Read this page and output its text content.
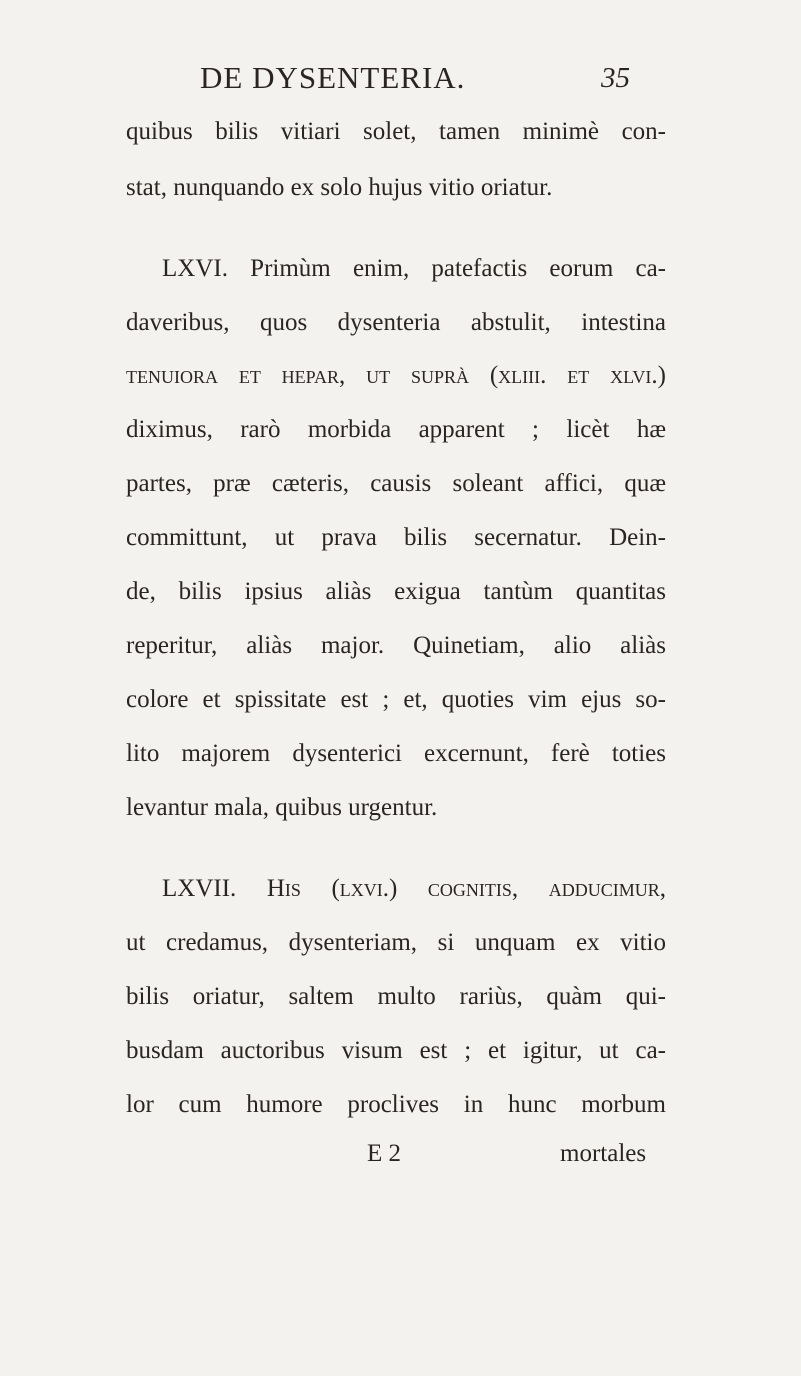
DE DYSENTERIA.	35
quibus bilis vitiari solet, tamen minimè con-
stat, nunquando ex solo hujus vitio oriatur.
LXVI. Primùm enim, patefactis eorum ca-
daveribus, quos dysenteria abstulit, intestina
tenuiora et hepar, ut suprà (xliii. et xlvi.)
diximus, rarò morbida apparent ; licèt hæ
partes, præ cæteris, causis soleant affici, quæ
committunt, ut prava bilis secernatur. Dein-
de, bilis ipsius aliàs exigua tantùm quantitas
reperitur, aliàs major. Quinetiam, alio aliàs
colore et spissitate est ; et, quoties vim ejus so-
lito majorem dysenterici excernunt, ferè toties
levantur mala, quibus urgentur.
LXVII. His (lxvi.) cognitis, adducimur,
ut credamus, dysenteriam, si unquam ex vitio
bilis oriatur, saltem multo rariùs, quàm qui-
busdam auctoribus visum est ; et igitur, ut ca-
lor cum humore proclives in hunc morbum
E 2	mortales
